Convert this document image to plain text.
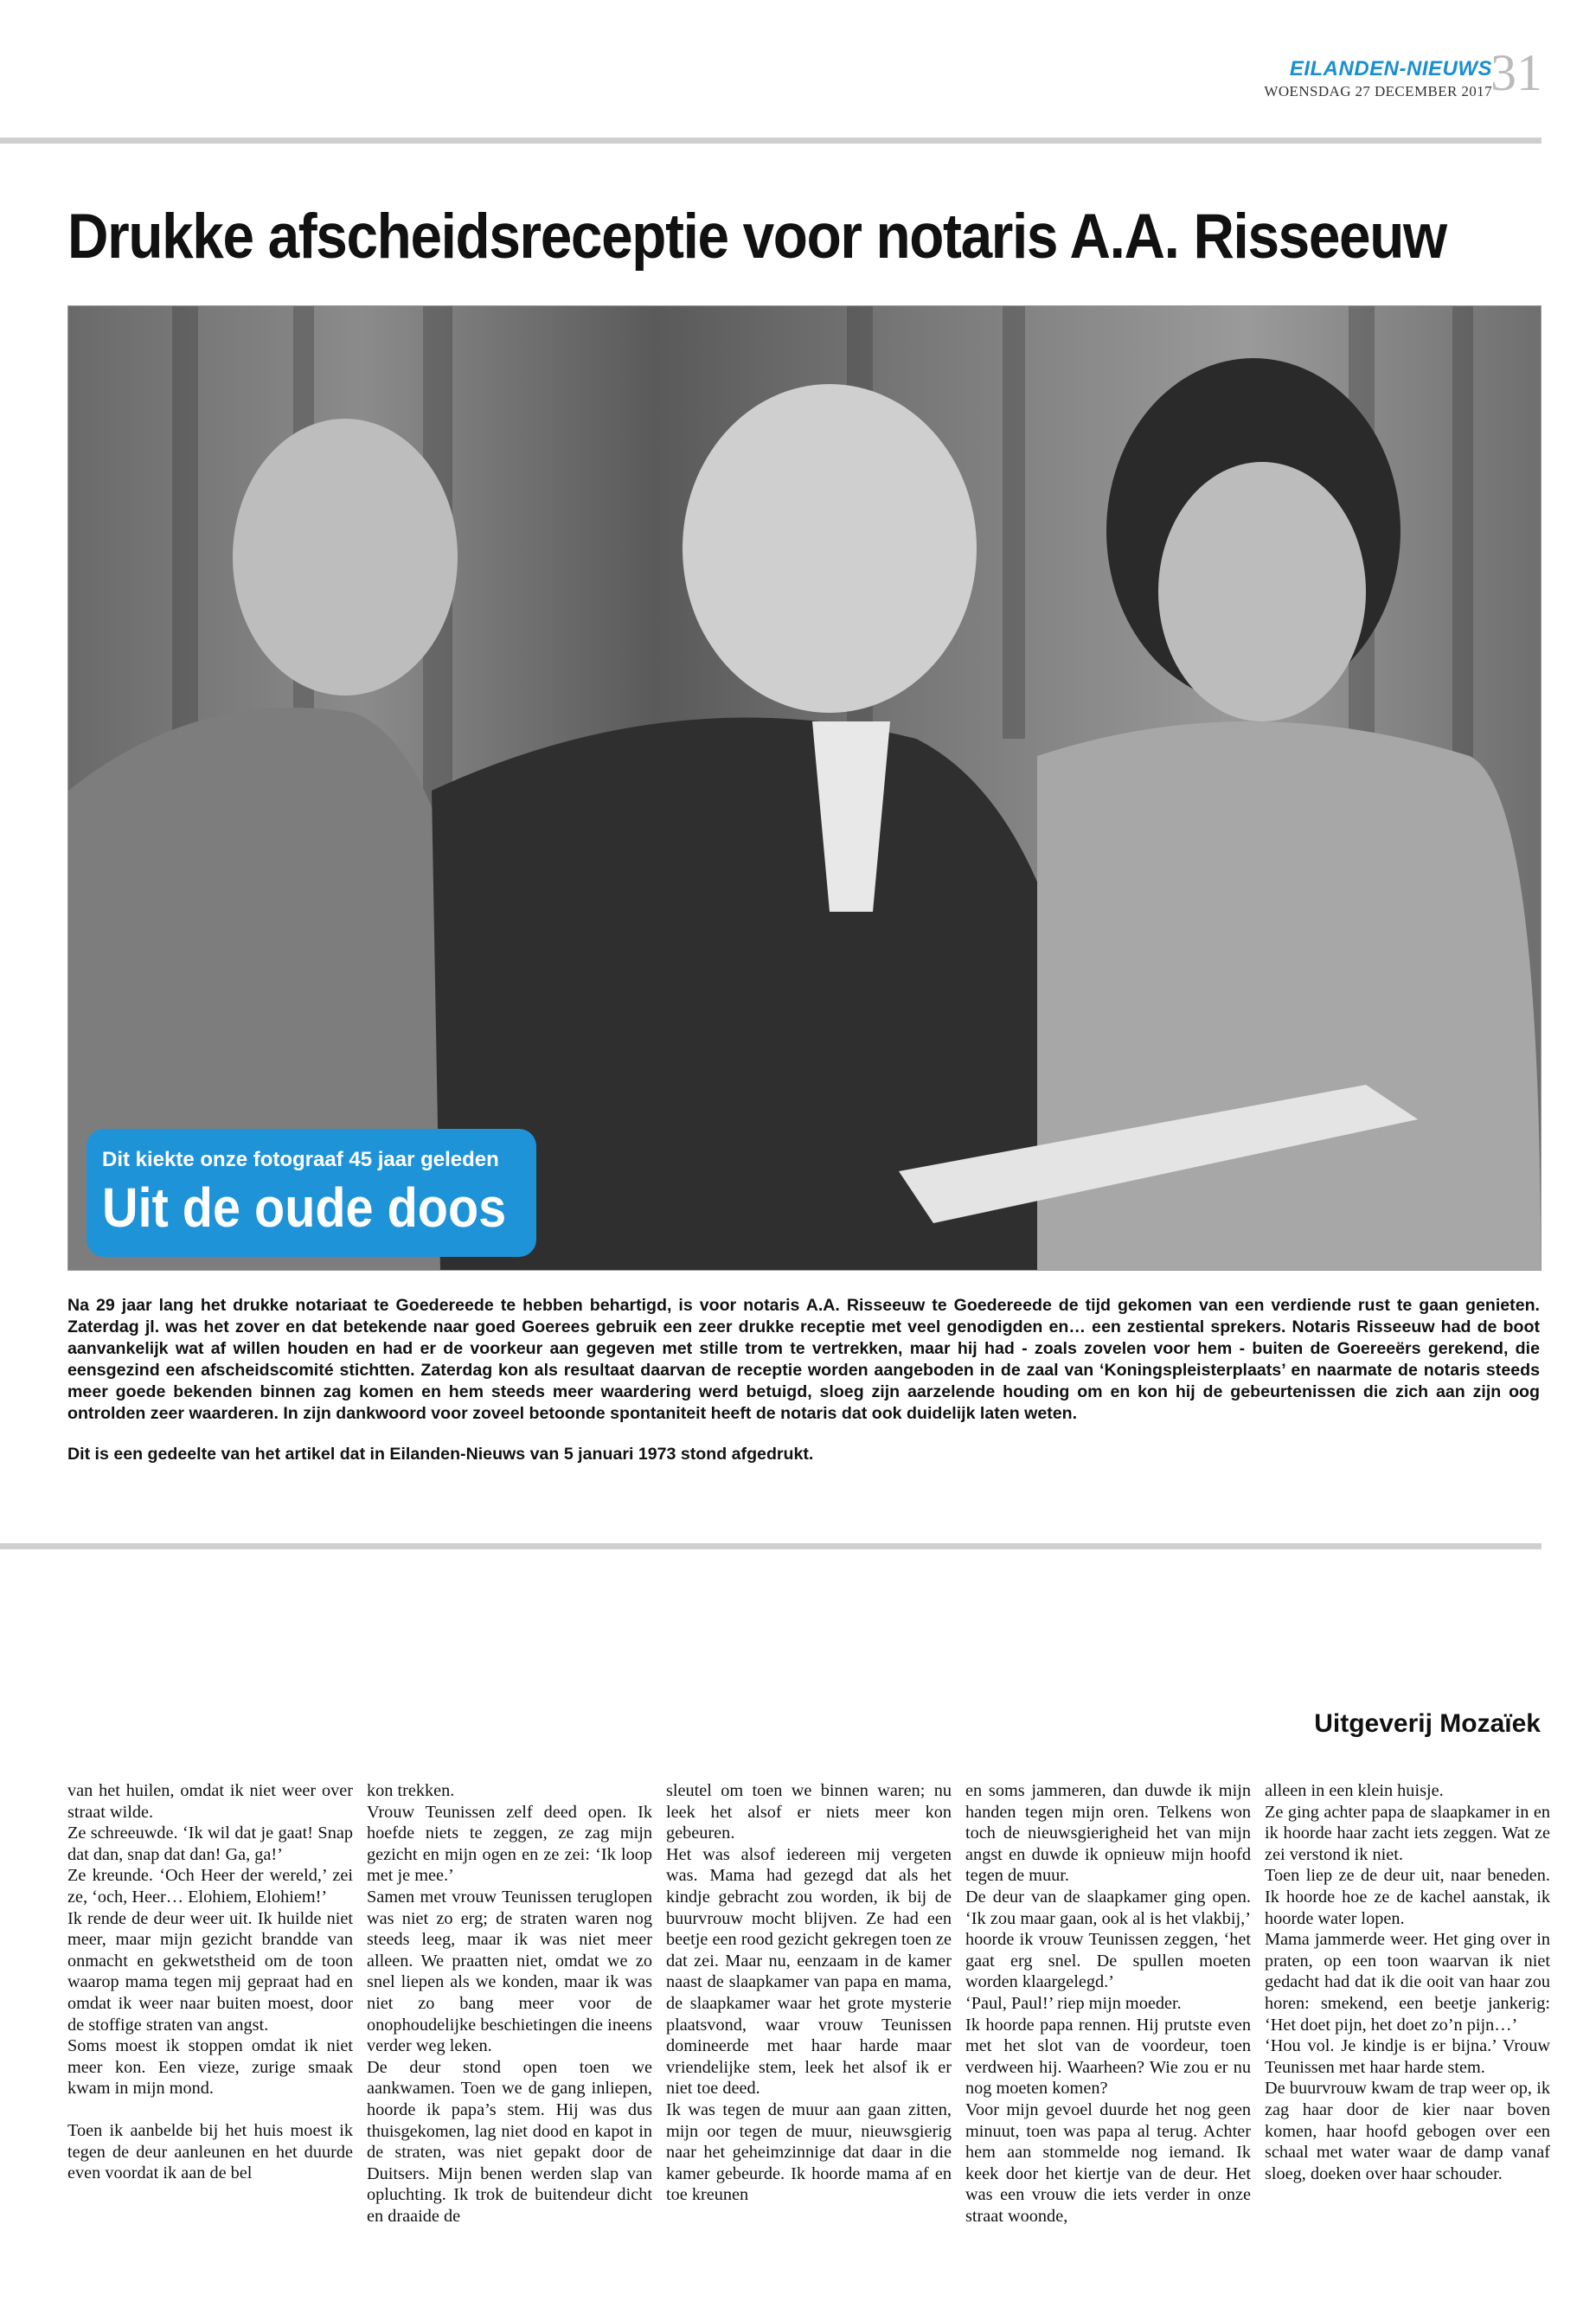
EILANDEN-NIEUWS
WOENSDAG 27 DECEMBER 2017
31
Drukke afscheidsreceptie voor notaris A.A. Risseeuw
Dit kiekte onze fotograaf 45 jaar geleden
Uit de oude doos

Na 29 jaar lang het drukke notariaat te Goedereede te hebben behartigd, is voor notaris A.A. Risseeuw te Goedereede de tijd gekomen van een verdiende rust te gaan genieten. Zaterdag jl. was het zover en dat betekende naar goed Goerees gebruik een zeer drukke receptie met veel genodigden en… een zestiental sprekers. Notaris Risseeuw had de boot aanvankelijk wat af willen houden en had er de voorkeur aan gegeven met stille trom te vertrekken, maar hij had - zoals zovelen voor hem - buiten de Goereeërs gerekend, die eensgezind een afscheidscomité stichtten. Zaterdag kon als resultaat daarvan de receptie worden aangeboden in de zaal van ‘Koningspleisterplaats’ en naarmate de notaris steeds meer goede bekenden binnen zag komen en hem steeds meer waardering werd betuigd, sloeg zijn aarzelende houding om en kon hij de gebeurtenissen die zich aan zijn oog ontrolden zeer waarderen. In zijn dankwoord voor zoveel betoonde spontaniteit heeft de notaris dat ook duidelijk laten weten.

Dit is een gedeelte van het artikel dat in Eilanden-Nieuws van 5 januari 1973 stond afgedrukt.

Uitgeverij Mozaïek

van het huilen, omdat ik niet weer over straat wilde.

Ze schreeuwde. ‘Ik wil dat je gaat! Snap dat dan, snap dat dan! Ga, ga!’

Ze kreunde. ‘Och Heer der wereld,’ zei ze, ‘och, Heer… Elohiem, Elohiem!’

Ik rende de deur weer uit. Ik huilde niet meer, maar mijn gezicht brandde van onmacht en gekwetstheid om de toon waarop mama tegen mij gepraat had en omdat ik weer naar buiten moest, door de stoffige straten van angst.

Soms moest ik stoppen omdat ik niet meer kon. Een vieze, zurige smaak kwam in mijn mond.

Toen ik aanbelde bij het huis moest ik tegen de deur aanleunen en het duurde even voordat ik aan de bel

kon trekken.

Vrouw Teunissen zelf deed open. Ik hoefde niets te zeggen, ze zag mijn gezicht en mijn ogen en ze zei: ‘Ik loop met je mee.’

Samen met vrouw Teunissen teruglopen was niet zo erg; de straten waren nog steeds leeg, maar ik was niet meer alleen. We praatten niet, omdat we zo snel liepen als we konden, maar ik was niet zo bang meer voor de onophoudelijke beschietingen die ineens verder weg leken.

De deur stond open toen we aankwamen. Toen we de gang inliepen, hoorde ik papa’s stem. Hij was dus thuisgekomen, lag niet dood en kapot in de straten, was niet gepakt door de Duitsers. Mijn benen werden slap van opluchting. Ik trok de buitendeur dicht en draaide de

sleutel om toen we binnen waren; nu leek het alsof er niets meer kon gebeuren.

Het was alsof iedereen mij vergeten was. Mama had gezegd dat als het kindje gebracht zou worden, ik bij de buurvrouw mocht blijven. Ze had een beetje een rood gezicht gekregen toen ze dat zei. Maar nu, eenzaam in de kamer naast de slaapkamer van papa en mama, de slaapkamer waar het grote mysterie plaatsvond, waar vrouw Teunissen domineerde met haar harde maar vriendelijke stem, leek het alsof ik er niet toe deed.

Ik was tegen de muur aan gaan zitten, mijn oor tegen de muur, nieuwsgierig naar het geheimzinnige dat daar in die kamer gebeurde. Ik hoorde mama af en toe kreunen

en soms jammeren, dan duwde ik mijn handen tegen mijn oren. Telkens won toch de nieuwsgierigheid het van mijn angst en duwde ik opnieuw mijn hoofd tegen de muur.

De deur van de slaapkamer ging open. ‘Ik zou maar gaan, ook al is het vlakbij,’ hoorde ik vrouw Teunissen zeggen, ‘het gaat erg snel. De spullen moeten worden klaargelegd.’

‘Paul, Paul!’ riep mijn moeder.

Ik hoorde papa rennen. Hij prutste even met het slot van de voordeur, toen verdween hij. Waarheen? Wie zou er nu nog moeten komen?

Voor mijn gevoel duurde het nog geen minuut, toen was papa al terug. Achter hem aan stommelde nog iemand. Ik keek door het kiertje van de deur. Het was een vrouw die iets verder in onze straat woonde,

alleen in een klein huisje.

Ze ging achter papa de slaapkamer in en ik hoorde haar zacht iets zeggen. Wat ze zei verstond ik niet.

Toen liep ze de deur uit, naar beneden. Ik hoorde hoe ze de kachel aanstak, ik hoorde water lopen.

Mama jammerde weer. Het ging over in praten, op een toon waarvan ik niet gedacht had dat ik die ooit van haar zou horen: smekend, een beetje jankerig: ‘Het doet pijn, het doet zo’n pijn…’

‘Hou vol. Je kindje is er bijna.’ Vrouw Teunissen met haar harde stem.

De buurvrouw kwam de trap weer op, ik zag haar door de kier naar boven komen, haar hoofd gebogen over een schaal met water waar de damp vanaf sloeg, doeken over haar schouder.
